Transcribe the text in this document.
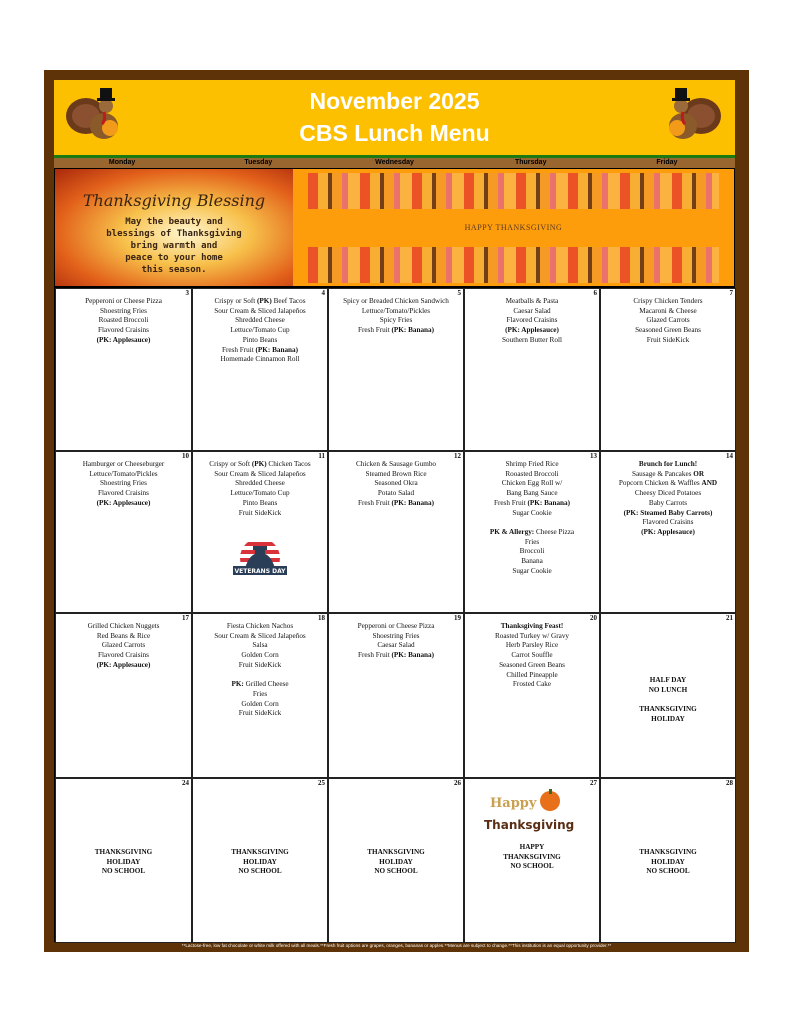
November 2025
CBS Lunch Menu
Monday	Tuesday	Wednesday	Thursday	Friday
Thanksgiving Blessing
May the beauty and
blessings of Thanksgiving
bring warmth and
peace to your home
this season.
HAPPY THANKSGIVING
3
Pepperoni or Cheese Pizza
Shoestring Fries
Roasted Broccoli
Flavored Craisins
(PK: Applesauce)
4
Crispy or Soft (PK) Beef Tacos
Sour Cream & Sliced Jalapeños
Shredded Cheese
Lettuce/Tomato Cup
Pinto Beans
Fresh Fruit (PK: Banana)
Homemade Cinnamon Roll
5
Spicy or Breaded Chicken Sandwich
Lettuce/Tomato/Pickles
Spicy Fries
Fresh Fruit (PK: Banana)
6
Meatballs & Pasta
Caesar Salad
Flavored Craisins
(PK: Applesauce)
Southern Butter Roll
7
Crispy Chicken Tenders
Macaroni & Cheese
Glazed Carrots
Seasoned Green Beans
Fruit SideKick
10
Hamburger or Cheeseburger
Lettuce/Tomato/Pickles
Shoestring Fries
Flavored Craisins
(PK: Applesauce)
11
Crispy or Soft (PK) Chicken Tacos
Sour Cream & Sliced Jalapeños
Shredded Cheese
Lettuce/Tomato Cup
Pinto Beans
Fruit SideKick
VETERANS DAY
12
Chicken & Sausage Gumbo
Steamed Brown Rice
Seasoned Okra
Potato Salad
Fresh Fruit (PK: Banana)
13
Shrimp Fried Rice
Rooasted Broccoli
Chicken Egg Roll w/
Bang Bang Sauce
Fresh Fruit (PK: Banana)
Sugar Cookie
PK & Allergy: Cheese Pizza
Fries
Broccoli
Banana
Sugar Cookie
14
Brunch for Lunch!
Sausage & Pancakes OR
Popcorn Chicken & Waffles AND
Cheesy Diced Potatoes
Baby Carrots
(PK: Steamed Baby Carrots)
Flavored Craisins
(PK: Applesauce)
17
Grilled Chicken Nuggets
Red Beans & Rice
Glazed Carrots
Flavored Craisins
(PK: Applesauce)
18
Fiesta Chicken Nachos
Sour Cream & Sliced Jalapeños
Salsa
Golden Corn
Fruit SideKick
PK: Grilled Cheese
Fries
Golden Corn
Fruit SideKick
19
Pepperoni or Cheese Pizza
Shoestring Fries
Caesar Salad
Fresh Fruit (PK: Banana)
20
Thanksgiving Feast!
Roasted Turkey w/ Gravy
Herb Parsley Rice
Carrot Souffle
Seasoned Green Beans
Chilled Pineapple
Frosted Cake
21
HALF DAY
NO LUNCH
THANKSGIVING
HOLIDAY
24
THANKSGIVING
HOLIDAY
NO SCHOOL
25
THANKSGIVING
HOLIDAY
NO SCHOOL
26
THANKSGIVING
HOLIDAY
NO SCHOOL
27
Happy
Thanksgiving
HAPPY
THANKSGIVING
NO SCHOOL
28
THANKSGIVING
HOLIDAY
NO SCHOOL
**Lactose-free, low fat chocolate or white milk offered with all meals.**Fresh fruit options are grapes, oranges, bananas or apples.**Menus are subject to change.**This institution is an equal opportunity provider.**
